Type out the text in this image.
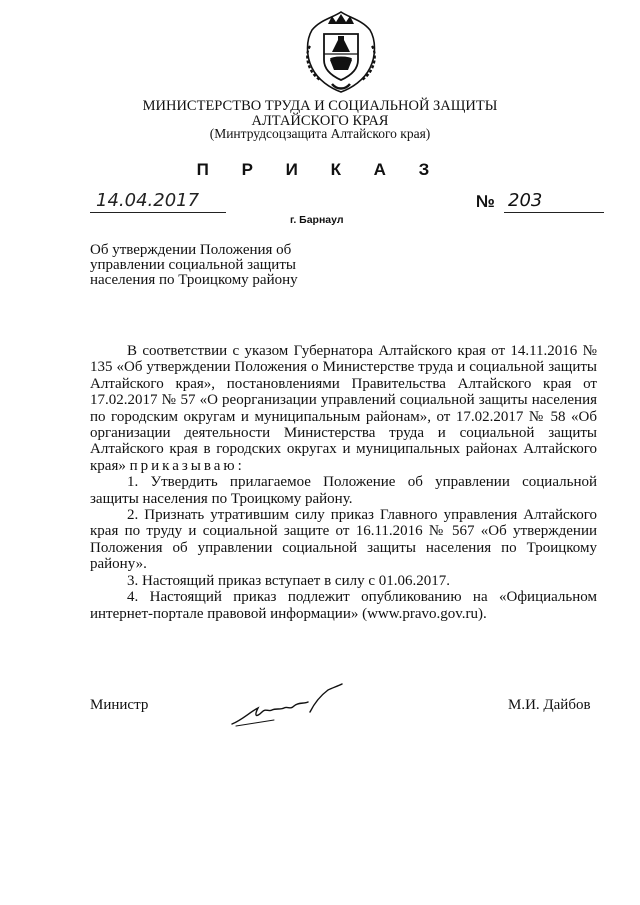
МИНИСТЕРСТВО ТРУДА И СОЦИАЛЬНОЙ ЗАЩИТЫ
АЛТАЙСКОГО КРАЯ
(Минтрудсоцзащита Алтайского края)
П Р И К А З
14.04.2017	№ 203
г. Барнаул
Об утверждении Положения об
управлении социальной защиты
населения по Троицкому району

В соответствии с указом Губернатора Алтайского края от 14.11.2016 № 135 «Об утверждении Положения о Министерстве труда и социальной защиты Алтайского края», постановлениями Правительства Алтайского края от 17.02.2017 № 57 «О реорганизации управлений социальной защиты населения по городским округам и муниципальным районам», от 17.02.2017 № 58 «Об организации деятельности Министерства труда и социальной защиты Алтайского края в городских округах и муниципальных районах Алтайского края» приказываю:

1. Утвердить прилагаемое Положение об управлении социальной защиты населения по Троицкому району.

2. Признать утратившим силу приказ Главного управления Алтайского края по труду и социальной защите от 16.11.2016 № 567 «Об утверждении Положения об управлении социальной защиты населения по Троицкому району».

3. Настоящий приказ вступает в силу с 01.06.2017.

4. Настоящий приказ подлежит опубликованию на «Официальном интернет-портале правовой информации» (www.pravo.gov.ru).

Министр	М.И. Дайбов
